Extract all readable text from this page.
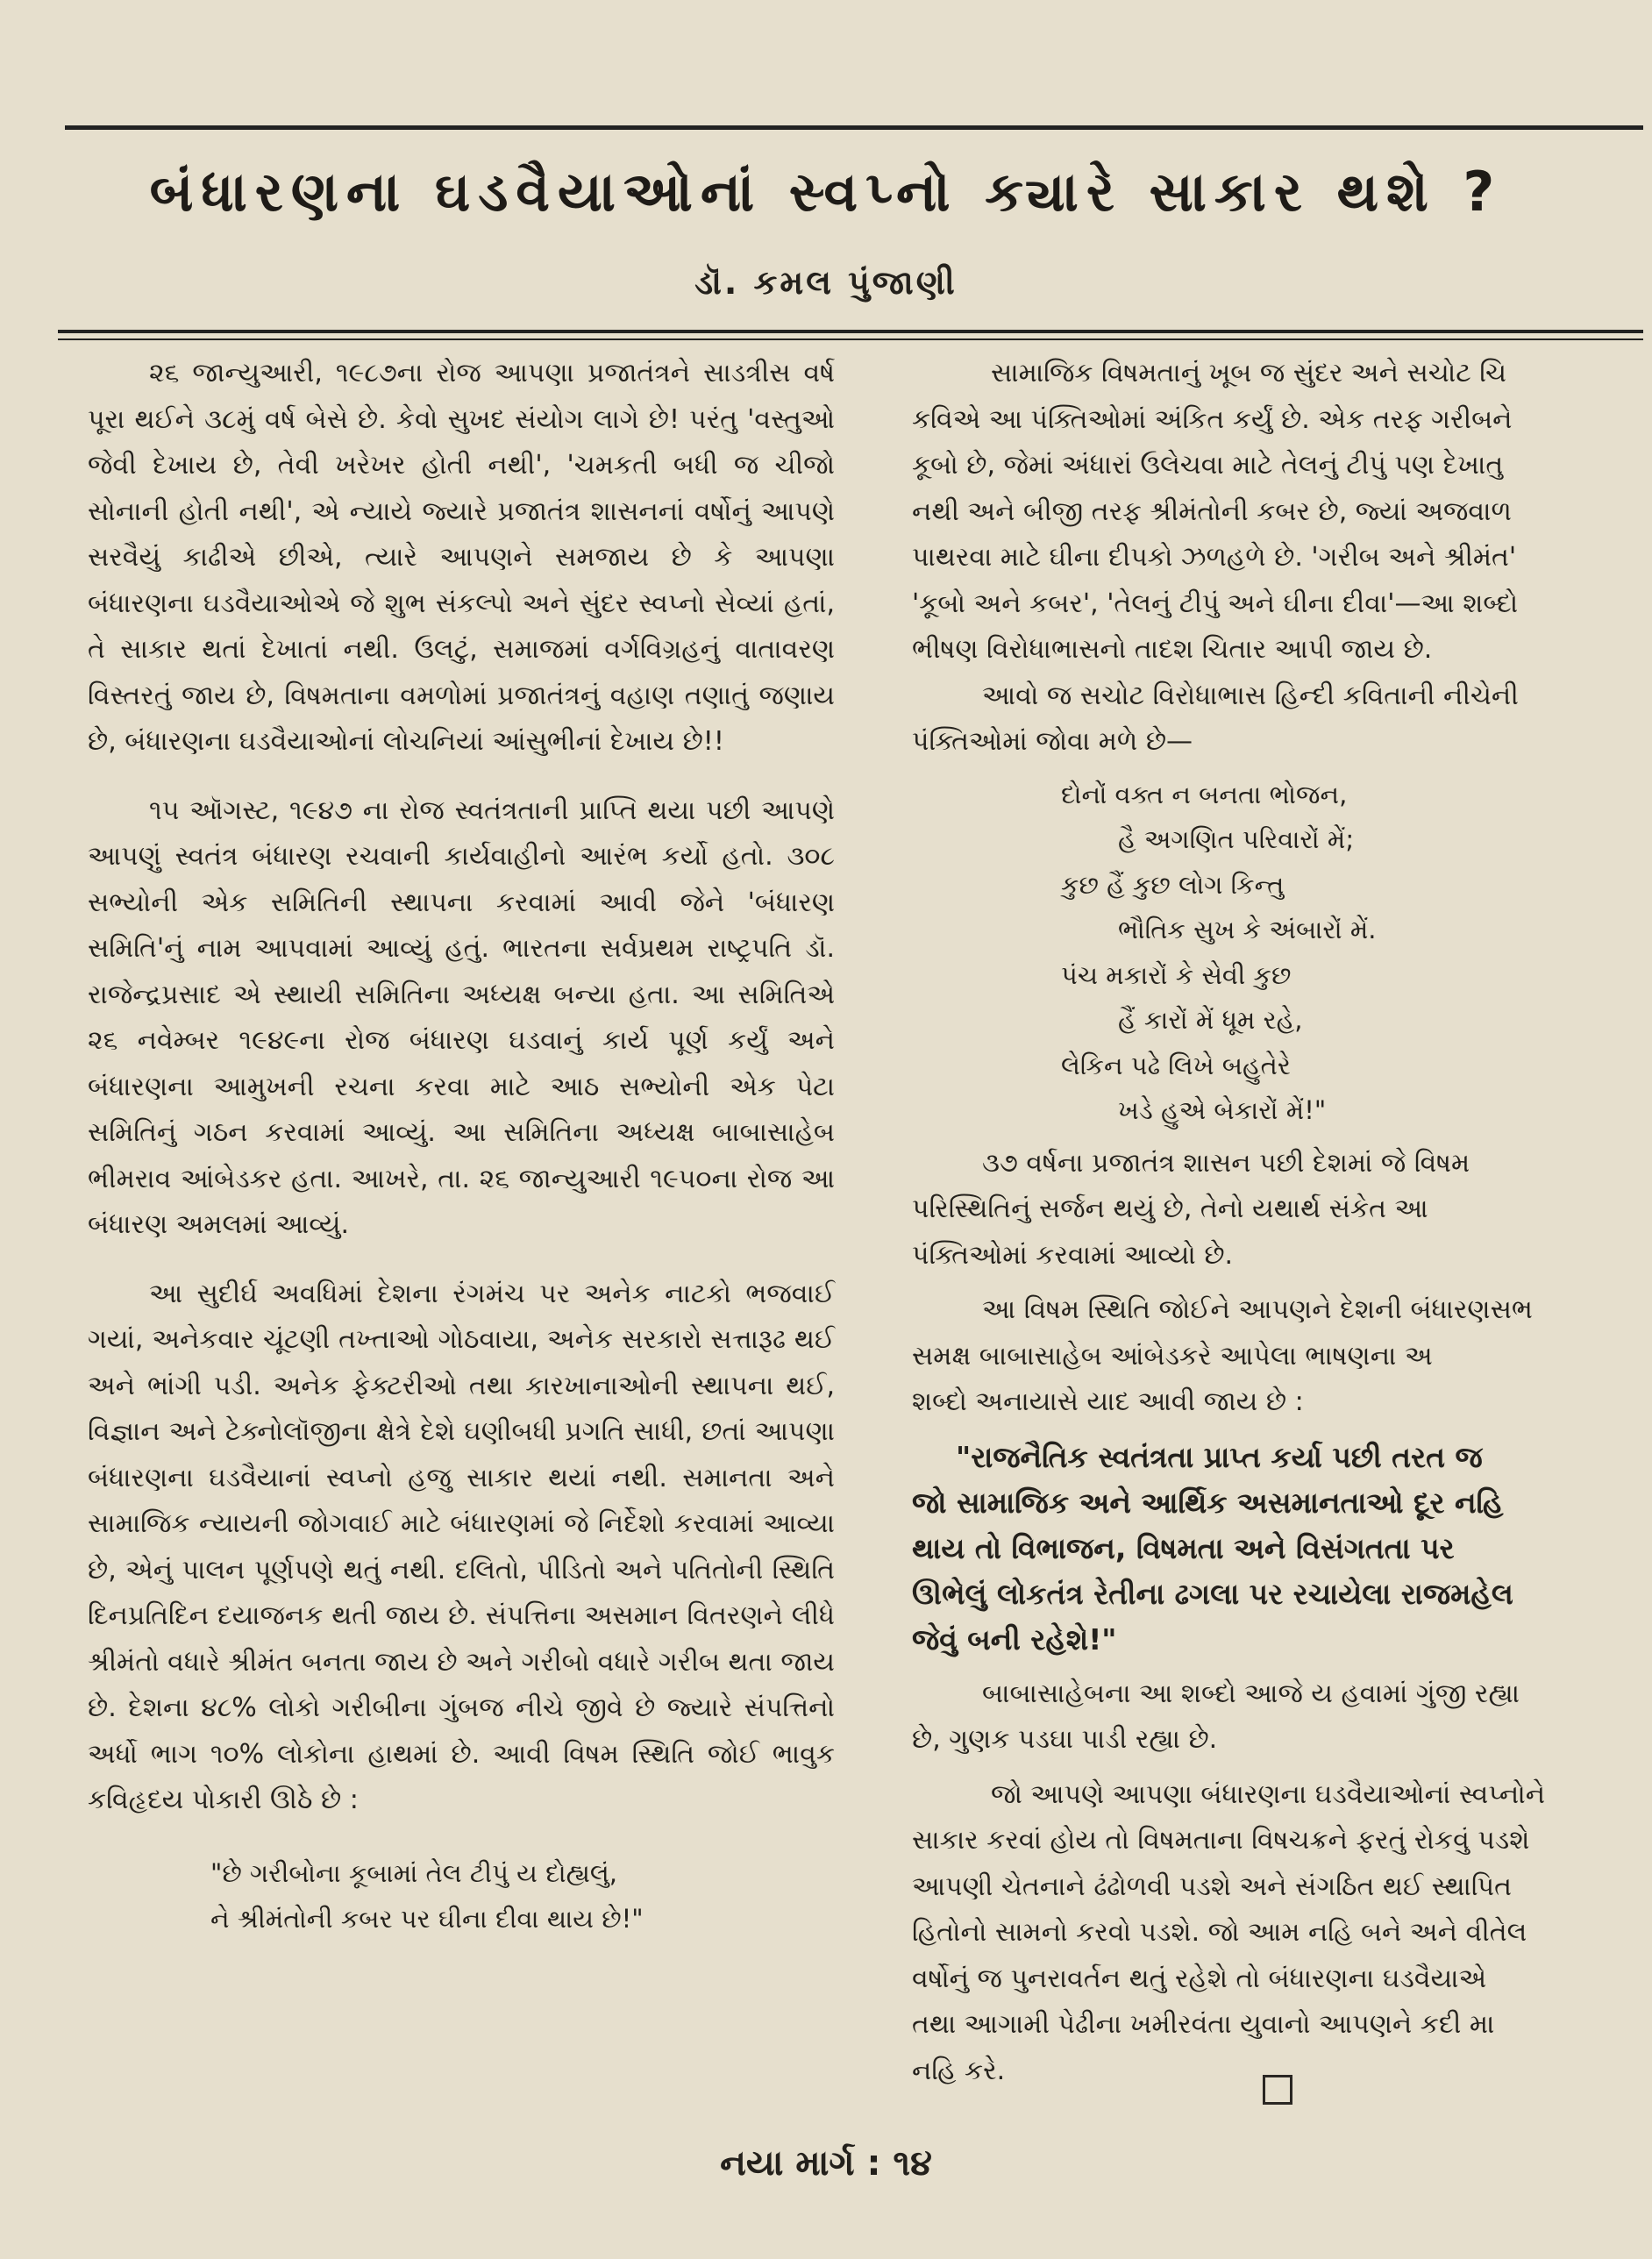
બંધારણના ઘડવૈયાઓનાં સ્વપ્નો ક્યારે સાકાર થશે ?
ડૉ. કમલ પુંજાણી

૨૬ જાન્યુઆરી, ૧૯૮૭ના રોજ આપણા પ્રજાતંત્રને સાડત્રીસ વર્ષ પૂરા થઈને ૩૮મું વર્ષ બેસે છે. કેવો સુખદ સંયોગ લાગે છે! પરંતુ 'વસ્તુઓ જેવી દેખાય છે, તેવી ખરેખર હોતી નથી', 'ચમકતી બધી જ ચીજો સોનાની હોતી નથી', એ ન્યાયે જ્યારે પ્રજાતંત્ર શાસનનાં વર્ષોનું આપણે સરવૈયું કાઢીએ છીએ, ત્યારે આપણને સમજાય છે કે આપણા બંધારણના ઘડવૈયાઓએ જે શુભ સંકલ્પો અને સુંદર સ્વપ્નો સેવ્યાં હતાં, તે સાકાર થતાં દેખાતાં નથી. ઉલટું, સમાજમાં વર્ગવિગ્રહનું વાતાવરણ વિસ્તરતું જાય છે, વિષમતાના વમળોમાં પ્રજાતંત્રનું વહાણ તણાતું જણાય છે, બંધારણના ઘડવૈયાઓનાં લોચનિયાં આંસુભીનાં દેખાય છે!!

૧૫ ઑગસ્ટ, ૧૯૪૭ ના રોજ સ્વતંત્રતાની પ્રાપ્તિ થયા પછી આપણે આપણું સ્વતંત્ર બંધારણ રચવાની કાર્યવાહીનો આરંભ કર્યો હતો. ૩૦૮ સભ્યોની એક સમિતિની સ્થાપના કરવામાં આવી જેને 'બંધારણ સમિતિ'નું નામ આપવામાં આવ્યું હતું. ભારતના સર્વપ્રથમ રાષ્ટ્રપતિ ડૉ. રાજેન્દ્રપ્રસાદ એ સ્થાયી સમિતિના અધ્યક્ષ બન્યા હતા. આ સમિતિએ ૨૬ નવેમ્બર ૧૯૪૯ના રોજ બંધારણ ઘડવાનું કાર્ય પૂર્ણ કર્યું અને બંધારણના આમુખની રચના કરવા માટે આઠ સભ્યોની એક પેટા સમિતિનું ગઠન કરવામાં આવ્યું. આ સમિતિના અધ્યક્ષ બાબાસાહેબ ભીમરાવ આંબેડકર હતા. આખરે, તા. ૨૬ જાન્યુઆરી ૧૯૫૦ના રોજ આ બંધારણ અમલમાં આવ્યું.

આ સુદીર્ઘ અવધિમાં દેશના રંગમંચ પર અનેક નાટકો ભજવાઈ ગયાં, અનેકવાર ચૂંટણી તખ્તાઓ ગોઠવાયા, અનેક સરકારો સત્તારૂઢ થઈ અને ભાંગી પડી. અનેક ફેક્ટરીઓ તથા કારખાનાઓની સ્થાપના થઈ, વિજ્ઞાન અને ટેક્નોલૉજીના ક્ષેત્રે દેશે ઘણીબધી પ્રગતિ સાધી, છતાં આપણા બંધારણના ઘડવૈયાનાં સ્વપ્નો હજુ સાકાર થયાં નથી. સમાનતા અને સામાજિક ન્યાયની જોગવાઈ માટે બંધારણમાં જે નિર્દેશો કરવામાં આવ્યા છે, એનું પાલન પૂર્ણપણે થતું નથી. દલિતો, પીડિતો અને પતિતોની સ્થિતિ દિનપ્રતિદિન દયાજનક થતી જાય છે. સંપત્તિના અસમાન વિતરણને લીધે શ્રીમંતો વધારે શ્રીમંત બનતા જાય છે અને ગરીબો વધારે ગરીબ થતા જાય છે. દેશના ૪૮% લોકો ગરીબીના ગુંબજ નીચે જીવે છે જ્યારે સંપત્તિનો અર્ધો ભાગ ૧૦% લોકોના હાથમાં છે. આવી વિષમ સ્થિતિ જોઈ ભાવુક કવિહૃદય પોકારી ઊઠે છે :

"છે ગરીબોના કૂબામાં તેલ ટીપું ય દોહ્યલું,
ને શ્રીમંતોની કબર પર ઘીના દીવા થાય છે!"
સામાજિક વિષમતાનું ખૂબ જ સુંદર અને સચોટ ચિ
કવિએ આ પંક્તિઓમાં અંકિત કર્યું છે. એક તરફ ગરીબને
કૂબો છે, જેમાં અંધારાં ઉલેચવા માટે તેલનું ટીપું પણ દેખાતુ
નથી અને બીજી તરફ શ્રીમંતોની કબર છે, જ્યાં અજવાળ
પાથરવા માટે ઘીના દીપકો ઝળહળે છે. 'ગરીબ અને શ્રીમંત'
'કૂબો અને કબર', 'તેલનું ટીપું અને ઘીના દીવા'—આ શબ્દો
ભીષણ વિરોધાભાસનો તાદશ ચિતાર આપી જાય છે.
આવો જ સચોટ વિરોધાભાસ હિન્દી કવિતાની નીચેની
પંક્તિઓમાં જોવા મળે છે—
દોનોં વક્ત ન બનતા ભોજન,
હૈ અગણિત પરિવારોં મેં;
કુછ હૈં કુછ લોગ કિન્તુ
ભૌતિક સુખ કે અંબારોં મેં.
પંચ મકારોં કે સેવી કુછ
હૈં કારોં મેં ધૂમ રહે,
લેકિન પઢે લિખે બહુતેરે
ખડે હુએ બેકારોં મેં!"
૩૭ વર્ષના પ્રજાતંત્ર શાસન પછી દેશમાં જે વિષમ
પરિસ્થિતિનું સર્જન થયું છે, તેનો યથાર્થ સંકેત આ
પંક્તિઓમાં કરવામાં આવ્યો છે.
આ વિષમ સ્થિતિ જોઈને આપણને દેશની બંધારણસભ
સમક્ષ બાબાસાહેબ આંબેડકરે આપેલા ભાષણના અ
શબ્દો અનાયાસે યાદ આવી જાય છે :
"રાજનૈતિક સ્વતંત્રતા પ્રાપ્ત કર્યા પછી તરત જ
જો સામાજિક અને આર્થિક અસમાનતાઓ દૂર નહિ
થાય તો વિભાજન, વિષમતા અને વિસંગતતા પર
ઊભેલું લોકતંત્ર રેતીના ઢગલા પર રચાયેલા રાજમહેલ
જેવું બની રહેશે!"
બાબાસાહેબના આ શબ્દો આજે ય હવામાં ગુંજી રહ્યા
છે, ગુણક પડઘા પાડી રહ્યા છે.
જો આપણે આપણા બંધારણના ઘડવૈયાઓનાં સ્વપ્નોને
સાકાર કરવાં હોય તો વિષમતાના વિષચક્રને ફરતું રોકવું પડશે
આપણી ચેતનાને ઢંઢોળવી પડશે અને સંગઠિત થઈ સ્થાપિત
હિતોનો સામનો કરવો પડશે. જો આમ નહિ બને અને વીતેલ
વર્ષોનું જ પુનરાવર્તન થતું રહેશે તો બંધારણના ઘડવૈયાએ
તથા આગામી પેઢીના ખમીરવંતા યુવાનો આપણને કદી મા
નહિ કરે.
નયા માર્ગ : ૧૪
